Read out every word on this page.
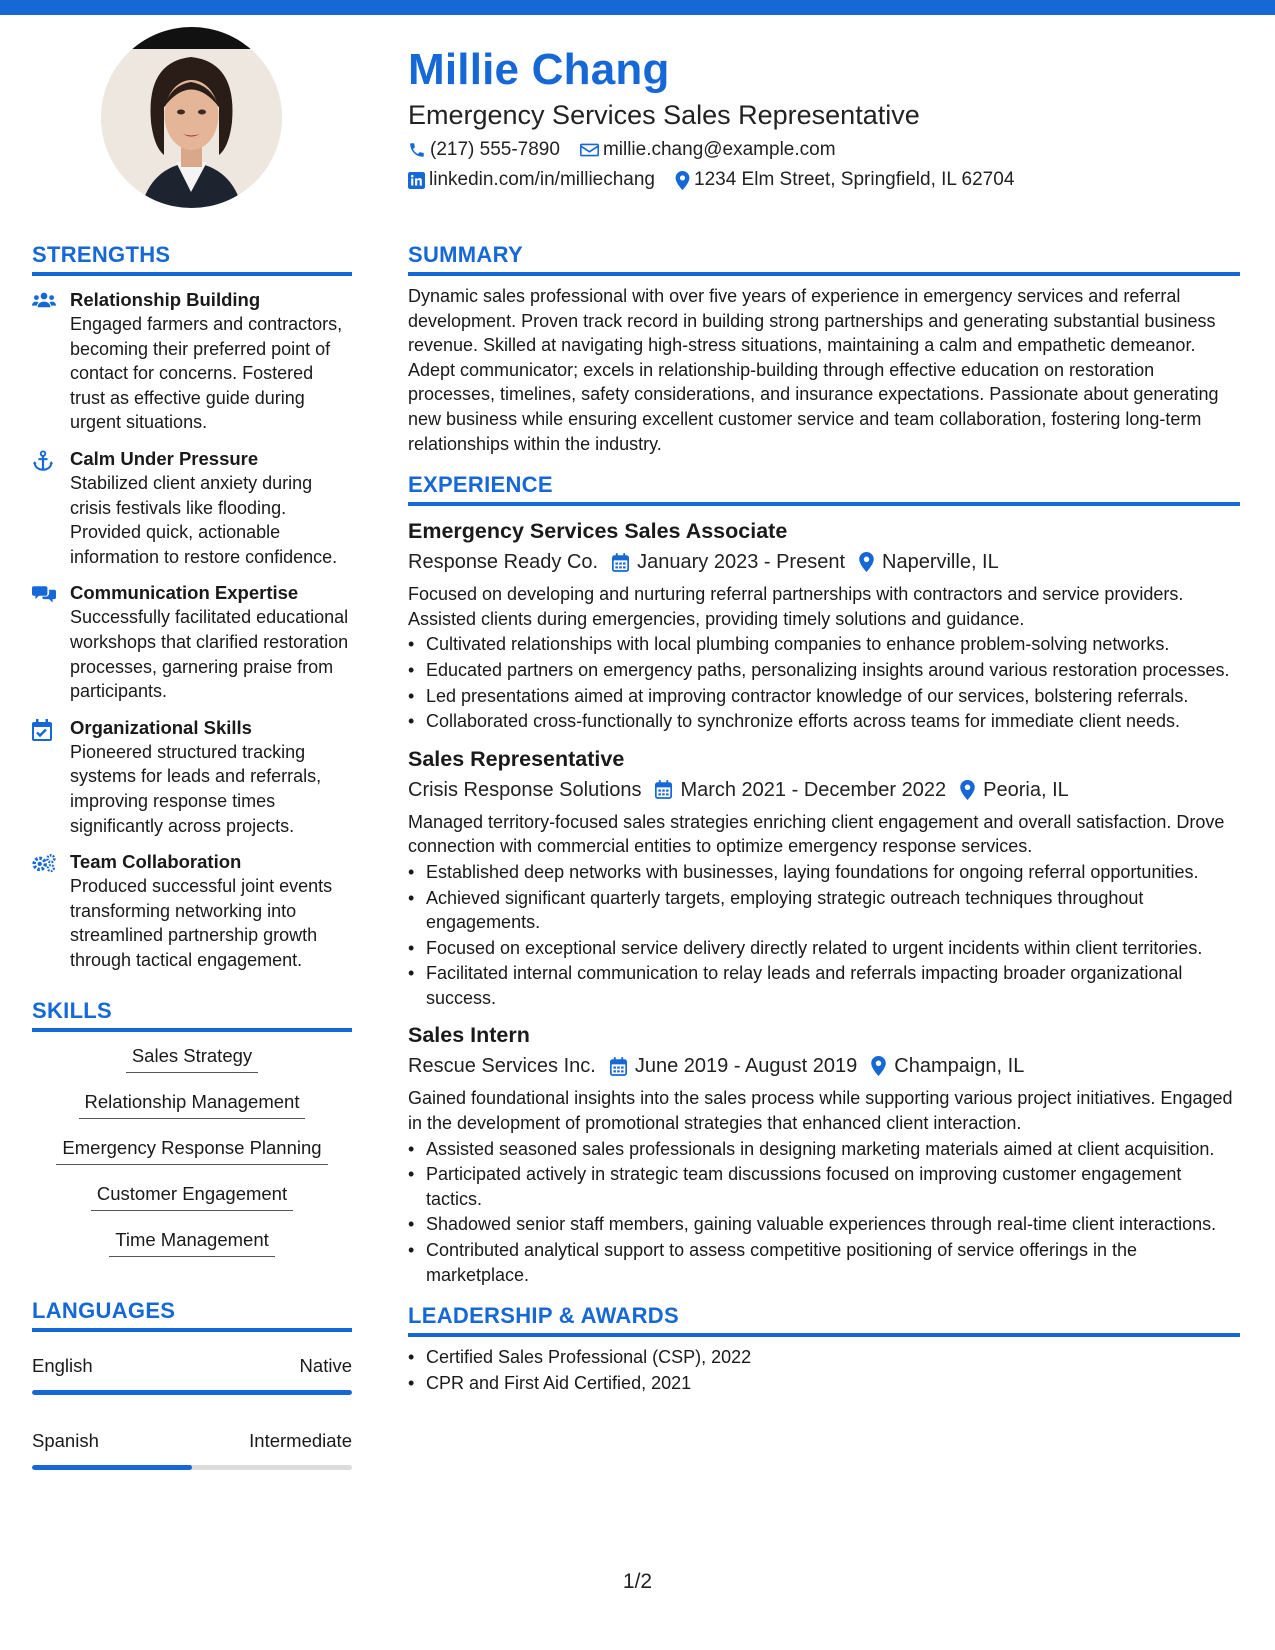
Millie Chang
Emergency Services Sales Representative
(217) 555-7890 millie.chang@example.com
linkedin.com/in/milliechang 1234 Elm Street, Springfield, IL 62704
STRENGTHS
Relationship Building
Engaged farmers and contractors, becoming their preferred point of contact for concerns. Fostered trust as effective guide during urgent situations.
Calm Under Pressure
Stabilized client anxiety during crisis festivals like flooding. Provided quick, actionable information to restore confidence.
Communication Expertise
Successfully facilitated educational workshops that clarified restoration processes, garnering praise from participants.
Organizational Skills
Pioneered structured tracking systems for leads and referrals, improving response times significantly across projects.
Team Collaboration
Produced successful joint events transforming networking into streamlined partnership growth through tactical engagement.
SKILLS
Sales Strategy
Relationship Management
Emergency Response Planning
Customer Engagement
Time Management
LANGUAGES
English	Native
Spanish	Intermediate
SUMMARY
Dynamic sales professional with over five years of experience in emergency services and referral development. Proven track record in building strong partnerships and generating substantial business revenue. Skilled at navigating high-stress situations, maintaining a calm and empathetic demeanor. Adept communicator; excels in relationship-building through effective education on restoration processes, timelines, safety considerations, and insurance expectations. Passionate about generating new business while ensuring excellent customer service and team collaboration, fostering long-term relationships within the industry.
EXPERIENCE
Emergency Services Sales Associate
Response Ready Co. January 2023 - Present Naperville, IL
Focused on developing and nurturing referral partnerships with contractors and service providers. Assisted clients during emergencies, providing timely solutions and guidance.
• Cultivated relationships with local plumbing companies to enhance problem-solving networks.
• Educated partners on emergency paths, personalizing insights around various restoration processes.
• Led presentations aimed at improving contractor knowledge of our services, bolstering referrals.
• Collaborated cross-functionally to synchronize efforts across teams for immediate client needs.
Sales Representative
Crisis Response Solutions March 2021 - December 2022 Peoria, IL
Managed territory-focused sales strategies enriching client engagement and overall satisfaction. Drove connection with commercial entities to optimize emergency response services.
• Established deep networks with businesses, laying foundations for ongoing referral opportunities.
• Achieved significant quarterly targets, employing strategic outreach techniques throughout engagements.
• Focused on exceptional service delivery directly related to urgent incidents within client territories.
• Facilitated internal communication to relay leads and referrals impacting broader organizational success.
Sales Intern
Rescue Services Inc. June 2019 - August 2019 Champaign, IL
Gained foundational insights into the sales process while supporting various project initiatives. Engaged in the development of promotional strategies that enhanced client interaction.
• Assisted seasoned sales professionals in designing marketing materials aimed at client acquisition.
• Participated actively in strategic team discussions focused on improving customer engagement tactics.
• Shadowed senior staff members, gaining valuable experiences through real-time client interactions.
• Contributed analytical support to assess competitive positioning of service offerings in the marketplace.
LEADERSHIP & AWARDS
• Certified Sales Professional (CSP), 2022
• CPR and First Aid Certified, 2021
1/2
